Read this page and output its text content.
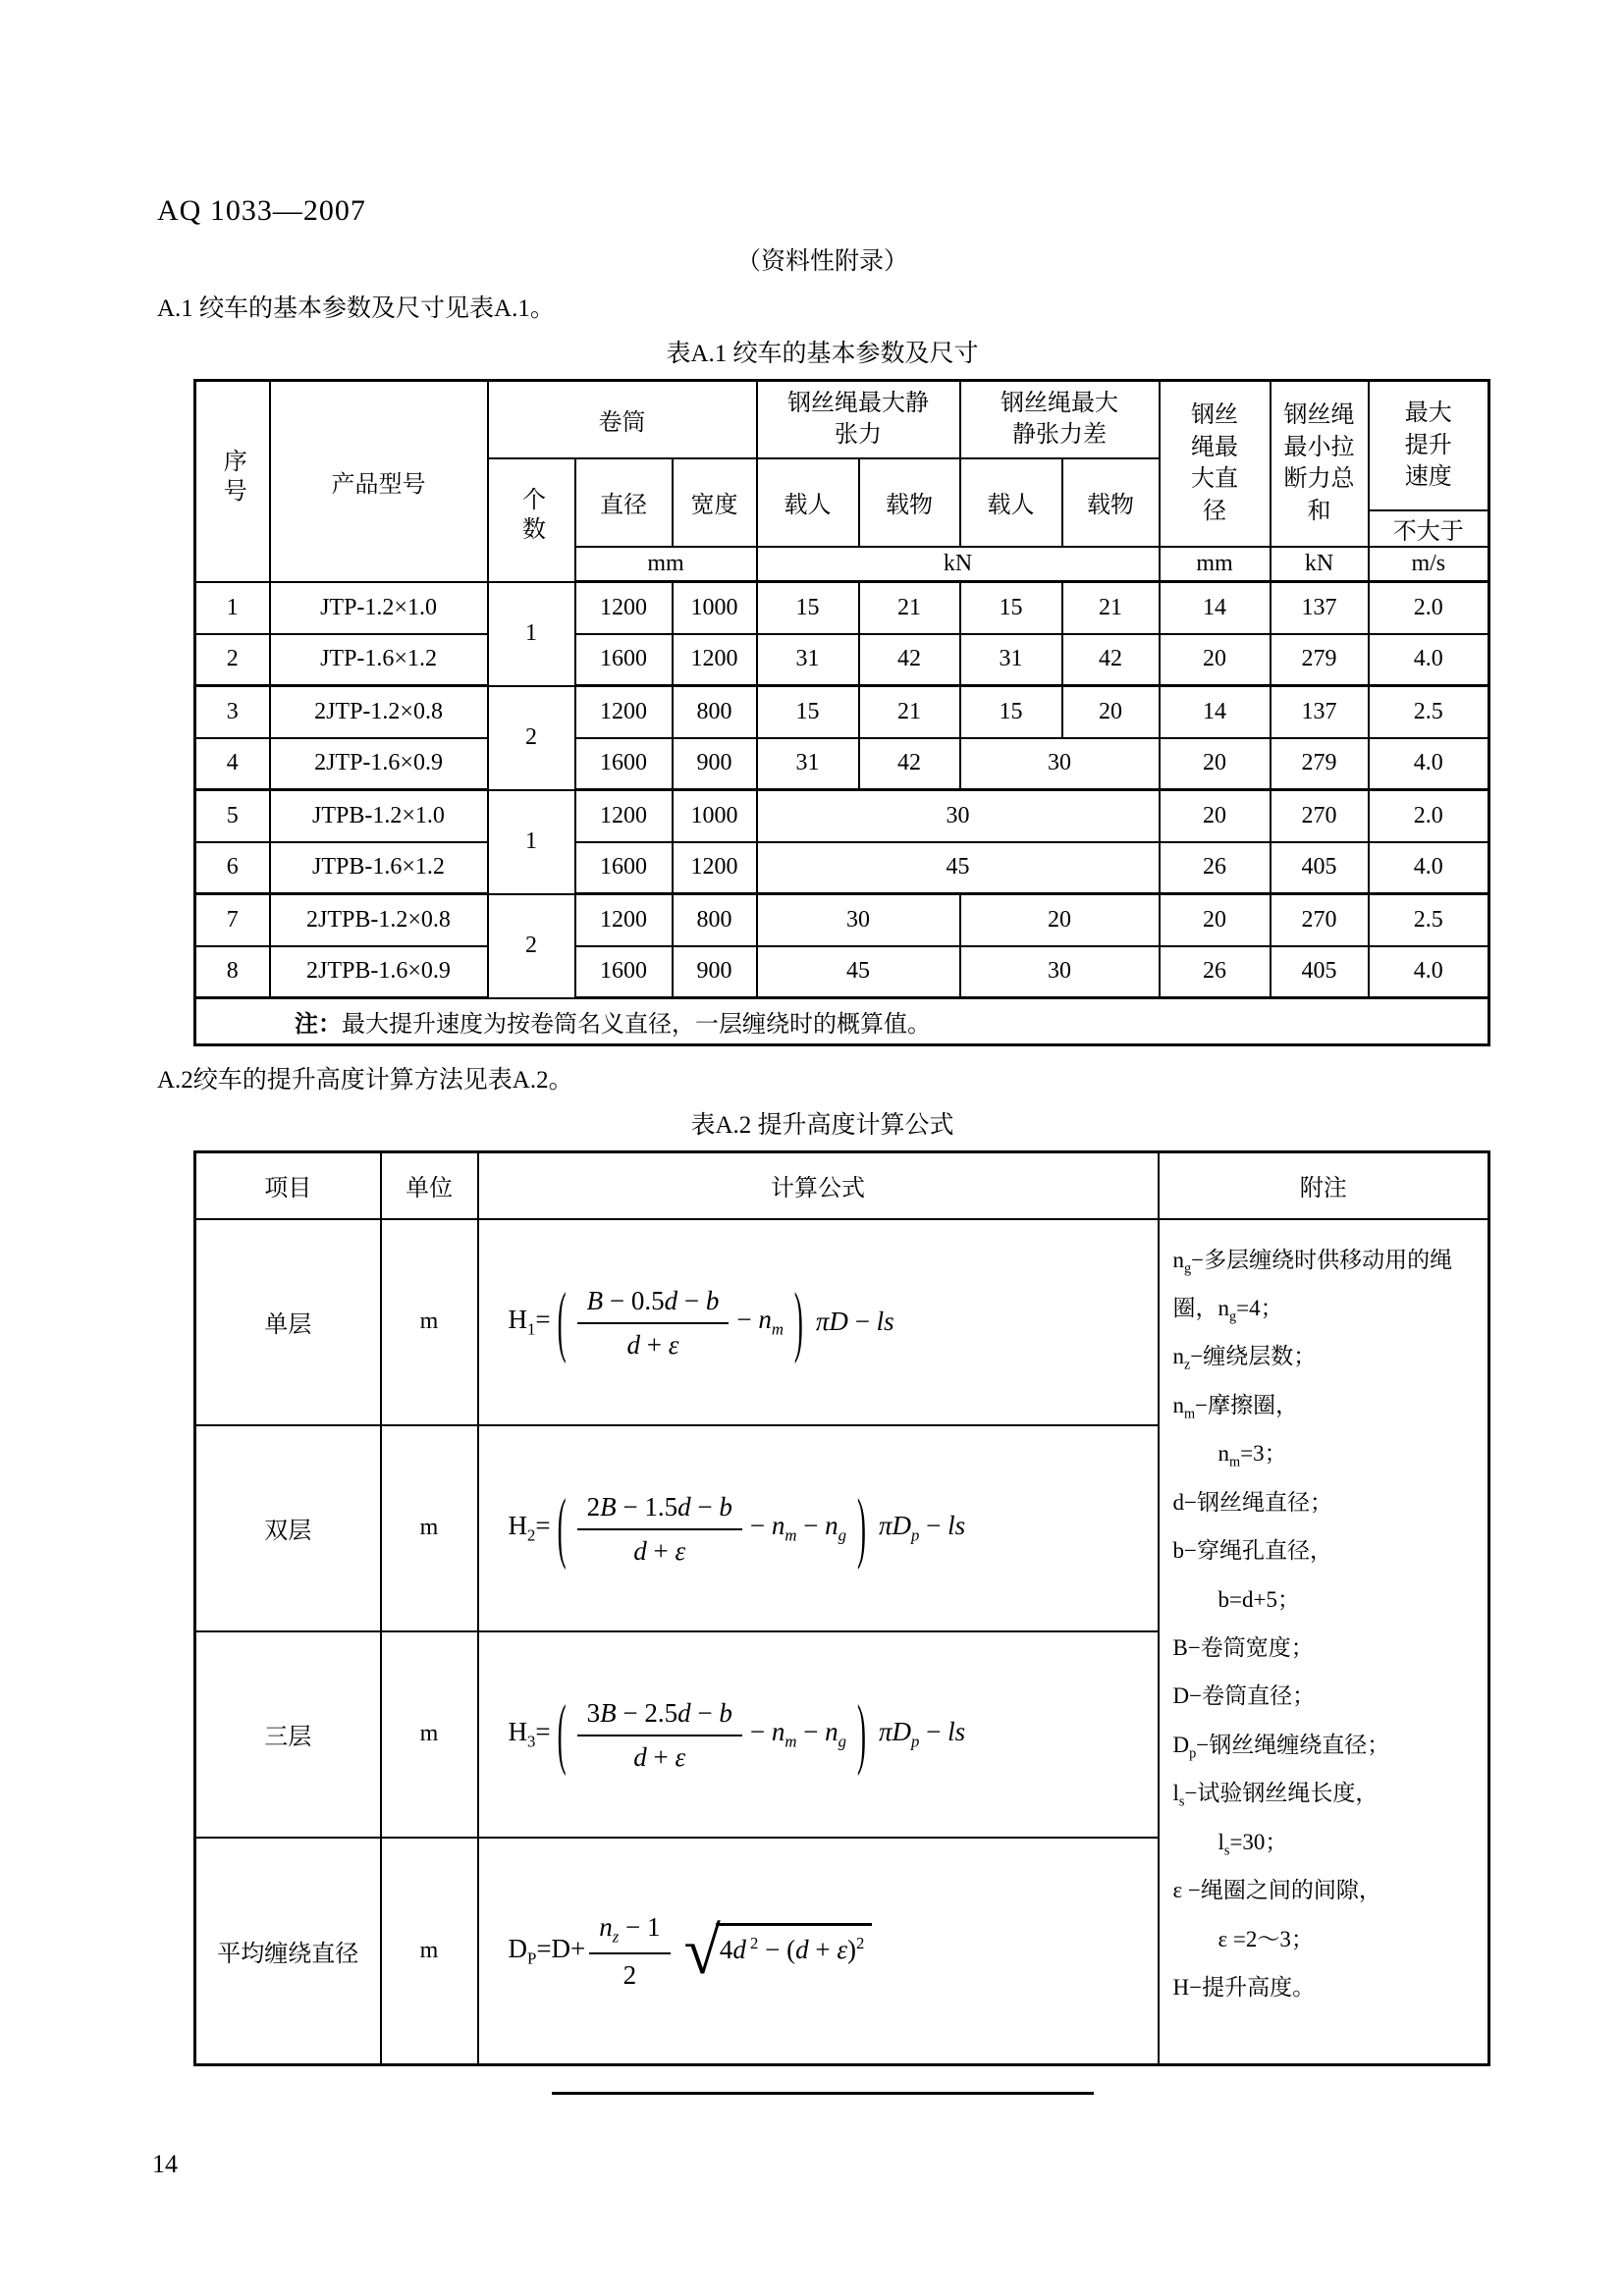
AQ 1033—2007
（资料性附录）
A.1 绞车的基本参数及尺寸见表A.1。
表A.1 绞车的基本参数及尺寸
序号	产品型号	卷筒			钢丝绳最大静张力		钢丝绳最大静张力差		钢丝绳最大直径	钢丝绳最小拉断力总和	最大提升速度
		个数	直径	宽度	载人	载物	载人	载物			
											不大于
			mm		kN				mm	kN	m/s
1	JTP-1.2×1.0	1	1200	1000	15	21	15	21	14	137	2.0
2	JTP-1.6×1.2		1600	1200	31	42	31	42	20	279	4.0
3	2JTP-1.2×0.8	2	1200	800	15	21	15	20	14	137	2.5
4	2JTP-1.6×0.9		1600	900	31	42	30		20	279	4.0
5	JTPB-1.2×1.0	1	1200	1000	30				20	270	2.0
6	JTPB-1.6×1.2		1600	1200	45				26	405	4.0
7	2JTPB-1.2×0.8	2	1200	800	30		20		20	270	2.5
8	2JTPB-1.6×0.9		1600	900	45		30		26	405	4.0
注：最大提升速度为按卷筒名义直径，一层缠绕时的概算值。											
A.2绞车的提升高度计算方法见表A.2。
表A.2 提升高度计算公式
项目	单位	计算公式	附注
单层	m	$H_1=$ ( $\frac{B - 0.5d - b}{d + \varepsilon} - n_m$ ) πD − ls

$n_g-$多层缠绕时供移动用的绳圈，$n_g=4$；
$n_z-$缠绕层数；
$n_m-$摩擦圈，
　　$n_m=3$；
d−钢丝绳直径；
b−穿绳孔直径，
　　b=d+5；
B−卷筒宽度；
D−卷筒直径；
$D_p-$钢丝绳缠绕直径；
$l_s-$试验钢丝绳长度，
　　$l_s=30$；
ε −绳圈之间的间隙，
　　ε =2～3；
H−提升高度。

双层	m	$H_2=$ ( $\frac{2B - 1.5d - b}{d + \varepsilon} - n_m - n_g$ ) $\pi D_p$ − ls

三层	m	$H_3=$ ( $\frac{3B - 2.5d - b}{d + \varepsilon} - n_m - n_g$ ) $\pi D_p$ − ls

平均缠绕直径	m	$D_P=D+ \frac{n_z - 1}{2}$ √ 4d $^2 - (d + \varepsilon)^2$
14
